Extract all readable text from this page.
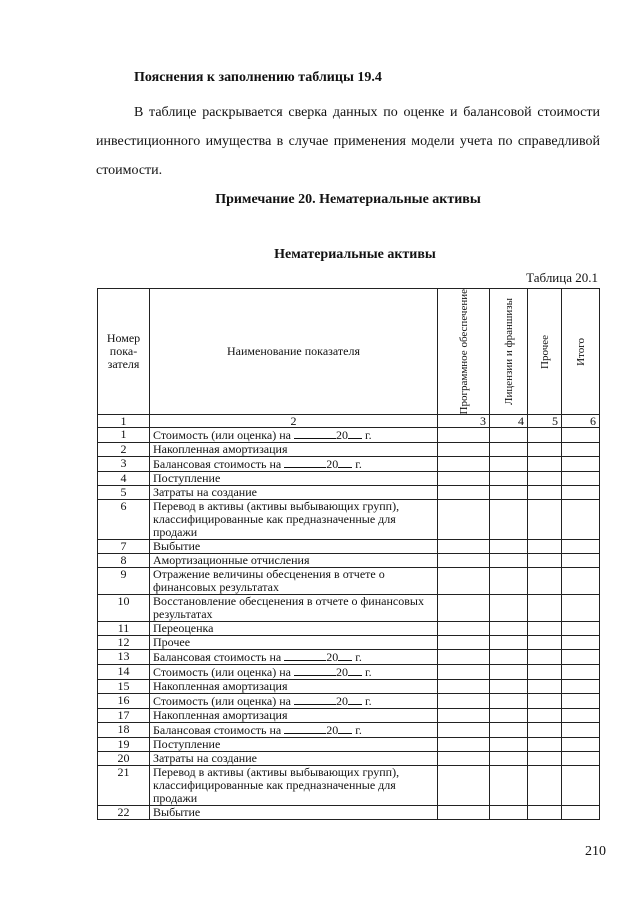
Пояснения к заполнению таблицы 19.4
В таблице раскрывается сверка данных по оценке и балансовой стоимости инвестиционного имущества в случае применения модели учета по справедливой стоимости.
Примечание 20. Нематериальные активы
Нематериальные активы
Таблица 20.1
Номер пока-зателя	Наименование показателя	Программное обеспечение	Лицензии и франшизы	Прочее	Итого

1	2	3	4	5	6
1	Стоимость (или оценка) на 20 г.				
2	Накопленная амортизация				
3	Балансовая стоимость на 20 г.				
4	Поступление				
5	Затраты на создание				
6	Перевод в активы (активы выбывающих групп), классифицированные как предназначенные для продажи				
7	Выбытие				
8	Амортизационные отчисления				
9	Отражение величины обесценения в отчете о финансовых результатах				
10	Восстановление обесценения в отчете о финансовых результатах				
11	Переоценка				
12	Прочее				
13	Балансовая стоимость на 20 г.				
14	Стоимость (или оценка) на 20 г.				
15	Накопленная амортизация				
16	Стоимость (или оценка) на 20 г.				
17	Накопленная амортизация				
18	Балансовая стоимость на 20 г.				
19	Поступление				
20	Затраты на создание				
21	Перевод в активы (активы выбывающих групп), классифицированные как предназначенные для продажи				
22	Выбытие				
210
